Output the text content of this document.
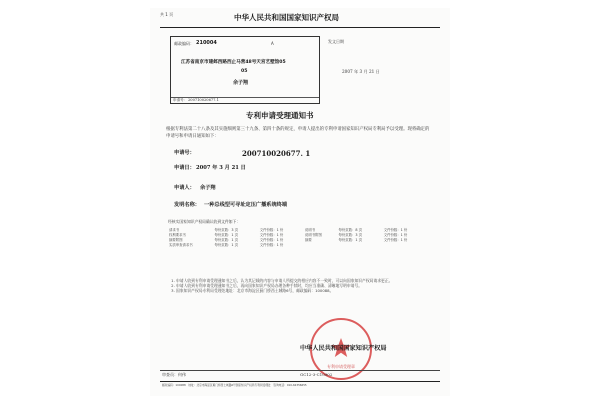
共 1 页	中华人民共和国国家知识产权局
邮政编码： 210004	A
江苏省南京市建邺西路西止马营48号天宫艺墅馆05
05
余子翔
申请号： 200710020677.1
发文日期
2007 年 3 月 21 日
专利申请受理通知书
根据专利法第二十八条及其实施细则第三十九条、第四十条的规定，申请人提出的专利申请国家知识产权局专利局予以受理。现将确定的申请号和申请日通知如下：
申请号：	200710020677. 1
申请日： 2007 年 3 月 21 日
申请人： 余子翔
发明名称： 一种总线型可寻址定压广播系统终端
经核实国家知识产权局确认收到文件如下：
请求书	每份页数：3 页	文件份数：1 份	说明书	每份页数：8 页	文件份数：1 份
权利要求书	每份页数：1 页	文件份数：1 份	说明书附图	每份页数：3 页	文件份数：1 份
摘要附图	每份页数：1 页	文件份数：1 份	摘要	每份页数：1 页	文件份数：1 份
实质审查请求书	每份页数：1 页	文件份数：1 份			
1. 申请人收到专利申请受理通知书之后，认为其记载的内容与申请人所提交的相应内容不一致时，可以向国家知识产权局请求更正。
2. 申请人收到专利申请受理通知书之后，再向国家知识产权局办理各种手续时，均应当准确、清晰地写明申请号。
3. 国家知识产权局专利局受理处地址：北京市海淀区蓟门桥西土城路6号，邮政编码：100088。
专利申请受理章
中华人民共和国国家知识产权局
审查员：何伟	GC12-3-C10902
邮政编码：100088　地址：北京市海淀区蓟门桥西土城路6号国家知识产权局专利局受理处　咨询电话：010-62356655
